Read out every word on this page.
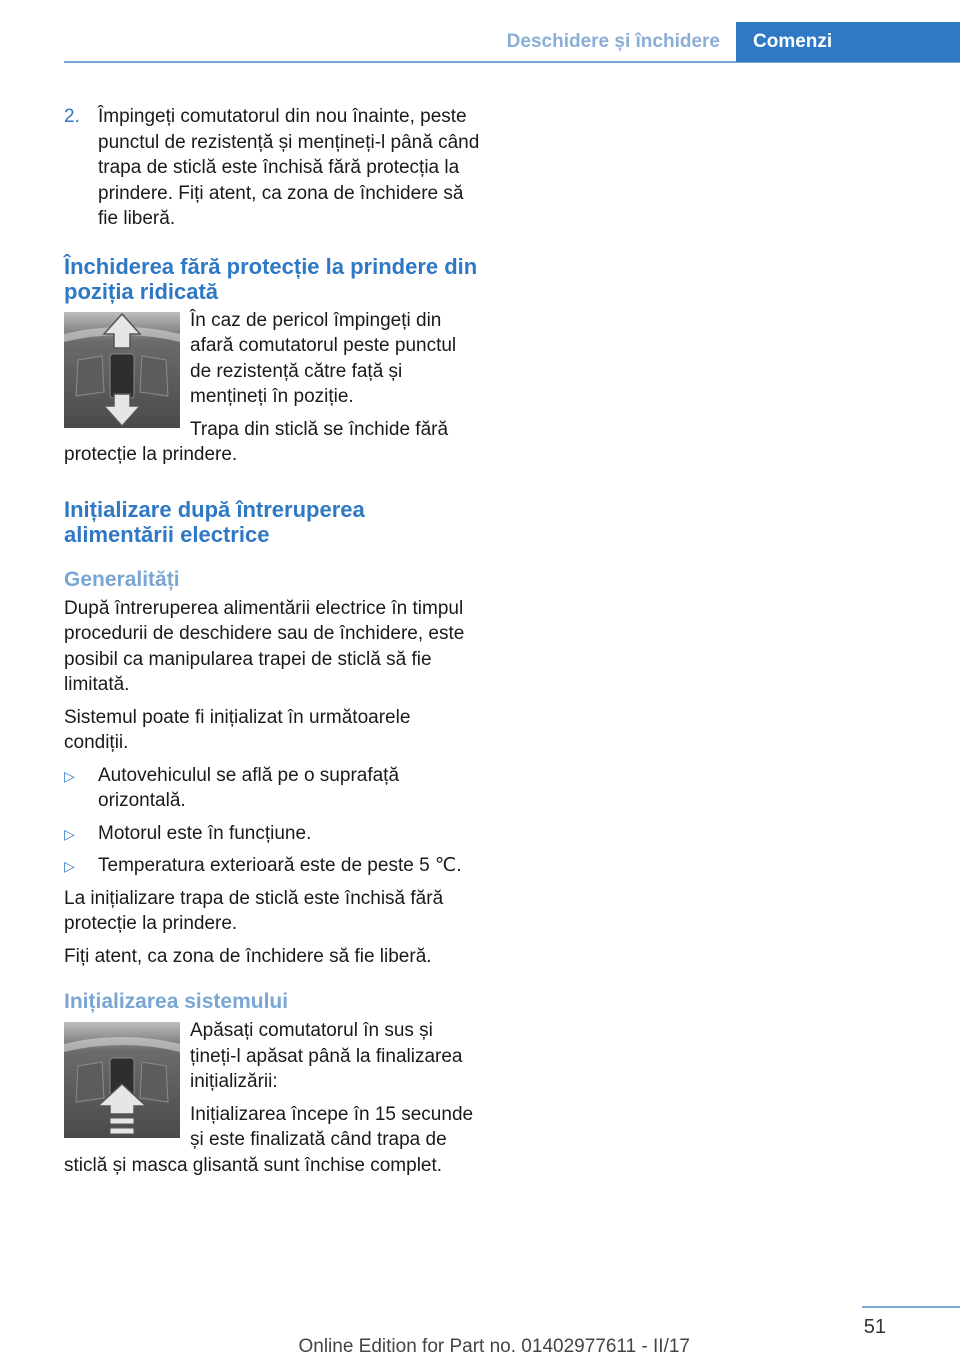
Deschidere și închidere	Comenzi
2. Împingeți comutatorul din nou înainte, peste punctul de rezistență și mențineți-l până când trapa de sticlă este închisă fără protecția la prindere. Fiți atent, ca zona de închidere să fie liberă.
Închiderea fără protecție la prindere din poziția ridicată

În caz de pericol împingeți din afară comutatorul peste punctul de rezistență către față și mențineți în poziție.

Trapa din sticlă se închide fără protecție la prindere.

Inițializare după întreruperea alimentării electrice
Generalități

După întreruperea alimentării electrice în timpul procedurii de deschidere sau de închidere, este posibil ca manipularea trapei de sticlă să fie limitată.

Sistemul poate fi inițializat în următoarele condiții.

▷ Autovehiculul se află pe o suprafață orizontală.
▷ Motorul este în funcțiune.
▷ Temperatura exterioară este de peste 5 ℃.

La inițializare trapa de sticlă este închisă fără protecție la prindere.

Fiți atent, ca zona de închidere să fie liberă.

Inițializarea sistemului

Apăsați comutatorul în sus și țineți-l apăsat până la finalizarea inițializării:

Inițializarea începe în 15 secunde și este finalizată când trapa de sticlă și masca glisantă sunt închise complet.

51
Online Edition for Part no. 01402977611 - II/17
